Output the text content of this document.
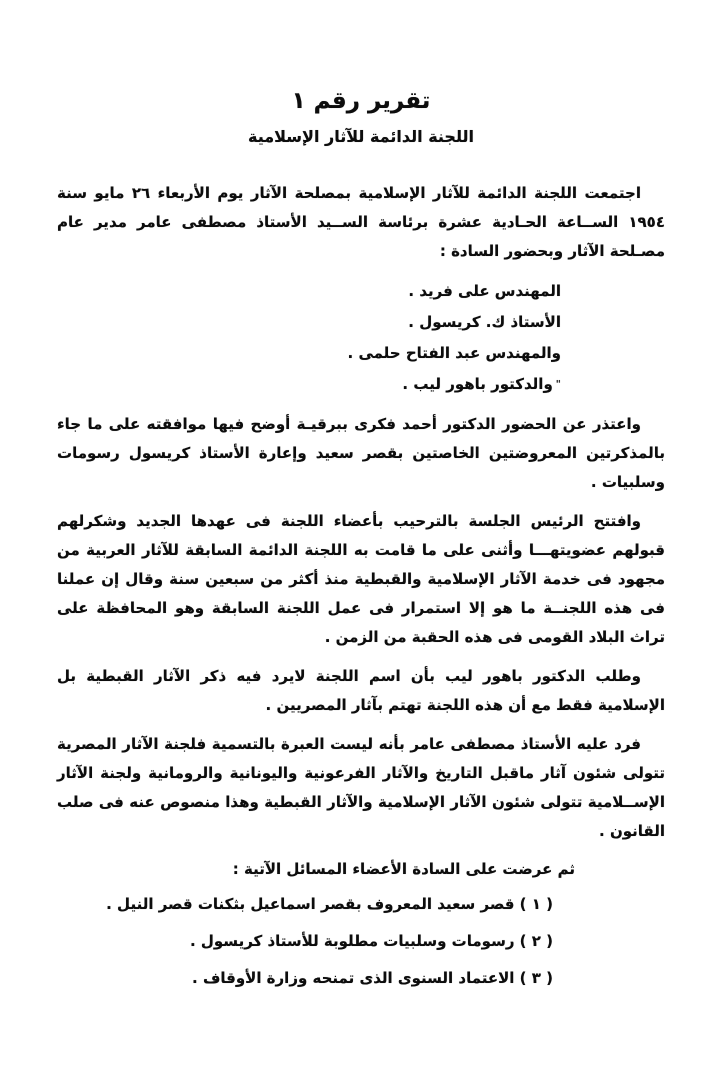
تقرير رقم ١
اللجنة الدائمة للآثار الإسلامية

اجتمعت اللجنة الدائمة للآثار الإسلامية بمصلحة الآثار يوم الأربعاء ٢٦ مايو سنة ١٩٥٤ الســاعة الحـادية عشرة برئاسة الســيد الأستاذ مصطفى عامر مدير عام مصـلحة الآثار وبحضور السادة :

المهندس على فريد .
الأستاذ ك. كريسول .
والمهندس عبد الفتاح حلمى .
"والدكتور باهور ليب .

واعتذر عن الحضور الدكتور أحمد فكرى ببرقيـة أوضح فيها موافقته على ما جاء بالمذكرتين المعروضتين الخاصتين بقصر سعيد وإعارة الأستاذ كريسول رسومات وسلبيات .

وافتتح الرئيس الجلسة بالترحيب بأعضاء اللجنة فى عهدها الجديد وشكرلهم قبولهم عضويتهـــا وأثنى على ما قامت به اللجنة الدائمة السابقة للآثار العربية من مجهود فى خدمة الآثار الإسلامية والقبطية منذ أكثر من سبعين سنة وقال إن عملنا فى هذه اللجنــة ما هو إلا استمرار فى عمل اللجنة السابقة وهو المحافظة على تراث البلاد القومى فى هذه الحقبة من الزمن .

وطلب الدكتور باهور ليب بأن اسم اللجنة لايرد فيه ذكر الآثار القبطية بل الإسلامية فقط مع أن هذه اللجنة تهتم بآثار المصريين .

فرد عليه الأستاذ مصطفى عامر بأنه ليست العبرة بالتسمية فلجنة الآثار المصرية تتولى شئون آثار ماقبل التاريخ والآثار الفرعونية واليونانية والرومانية ولجنة الآثار الإســلامية تتولى شئون الآثار الإسلامية والآثار القبطية وهذا منصوص عنه فى صلب القانون .

ثم عرضت على السادة الأعضاء المسائل الآتية :

( ١ ) قصر سعيد المعروف بقصر اسماعيل بثكنات قصر النيل .
( ٢ ) رسومات وسلبيات مطلوبة للأستاذ كريسول .
( ٣ ) الاعتماد السنوى الذى تمنحه وزارة الأوقاف .
